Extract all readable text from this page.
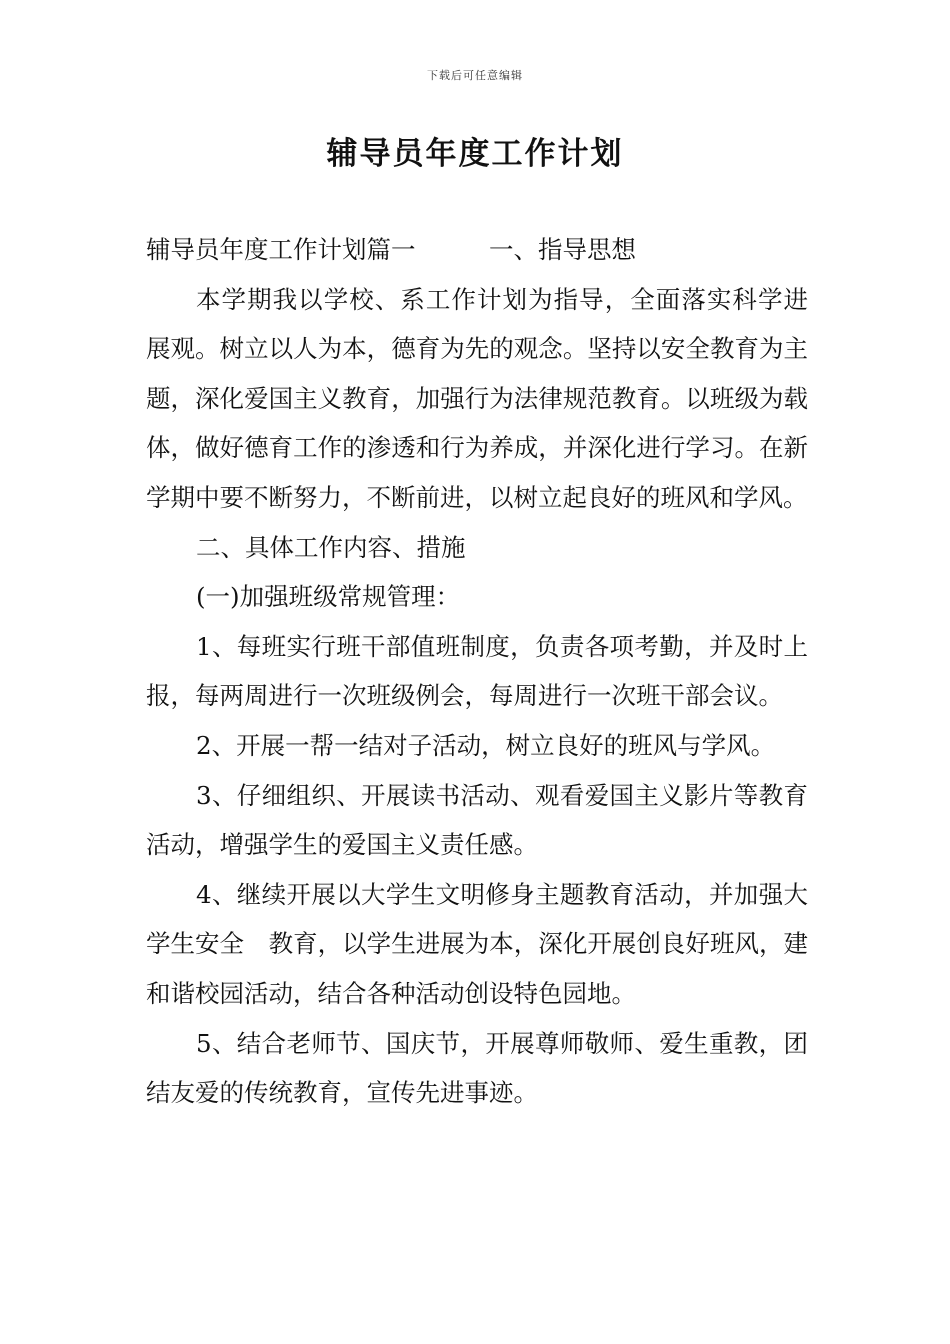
下载后可任意编辑
辅导员年度工作计划

辅导员年度工作计划篇一　　　一、指导思想

本学期我以学校、系工作计划为指导，全面落实科学进展观。树立以人为本，德育为先的观念。坚持以安全教育为主题，深化爱国主义教育，加强行为法律规范教育。以班级为载体，做好德育工作的渗透和行为养成，并深化进行学习。在新学期中要不断努力，不断前进，以树立起良好的班风和学风。

二、具体工作内容、措施

(一)加强班级常规管理：

1、每班实行班干部值班制度，负责各项考勤，并及时上报，每两周进行一次班级例会，每周进行一次班干部会议。

2、开展一帮一结对子活动，树立良好的班风与学风。

3、仔细组织、开展读书活动、观看爱国主义影片等教育活动，增强学生的爱国主义责任感。

4、继续开展以大学生文明修身主题教育活动，并加强大学生安全　教育，以学生进展为本，深化开展创良好班风，建和谐校园活动，结合各种活动创设特色园地。

5、结合老师节、国庆节，开展尊师敬师、爱生重教，团结友爱的传统教育，宣传先进事迹。
